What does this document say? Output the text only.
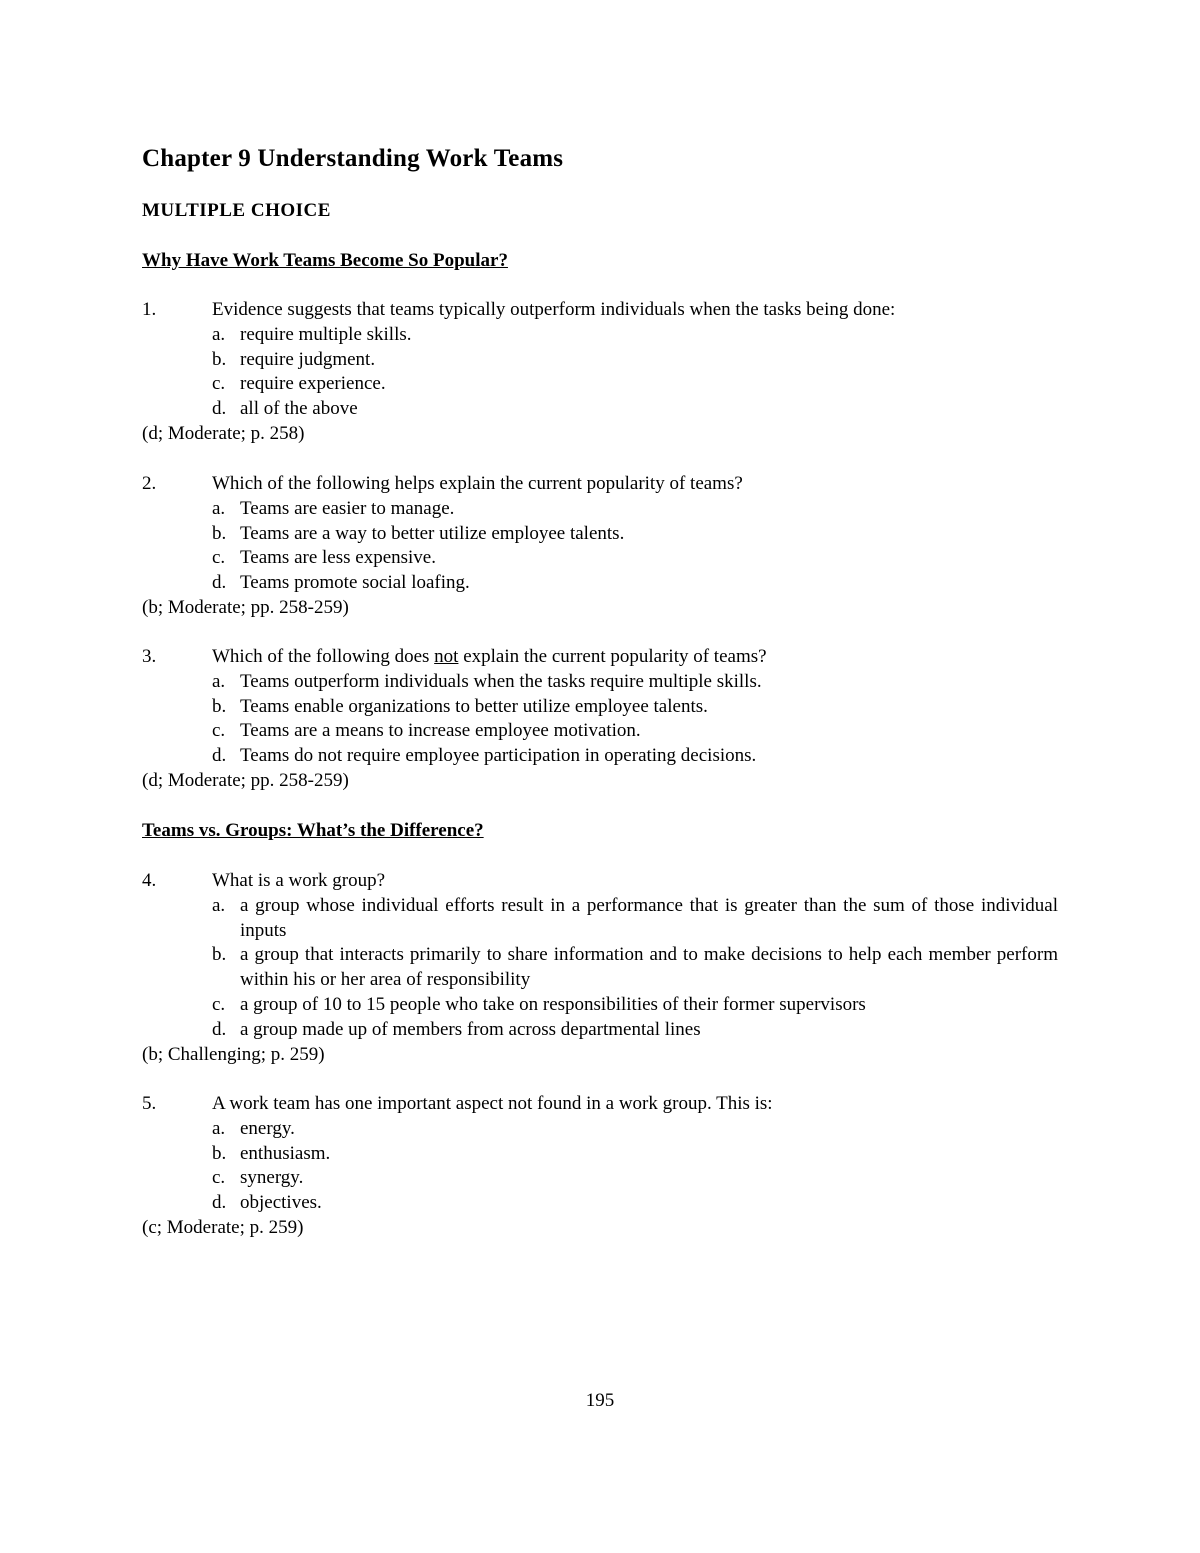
Chapter 9 Understanding Work Teams
MULTIPLE CHOICE
Why Have Work Teams Become So Popular?
1.	Evidence suggests that teams typically outperform individuals when the tasks being done:
a. require multiple skills.
b. require judgment.
c. require experience.
d. all of the above
(d; Moderate; p. 258)
2.	Which of the following helps explain the current popularity of teams?
a. Teams are easier to manage.
b. Teams are a way to better utilize employee talents.
c. Teams are less expensive.
d. Teams promote social loafing.
(b; Moderate; pp. 258-259)
3.	Which of the following does not explain the current popularity of teams?
a. Teams outperform individuals when the tasks require multiple skills.
b. Teams enable organizations to better utilize employee talents.
c. Teams are a means to increase employee motivation.
d. Teams do not require employee participation in operating decisions.
(d; Moderate; pp. 258-259)
Teams vs. Groups: What’s the Difference?
4.	What is a work group?
a. a group whose individual efforts result in a performance that is greater than the sum of those individual inputs
b. a group that interacts primarily to share information and to make decisions to help each member perform within his or her area of responsibility
c. a group of 10 to 15 people who take on responsibilities of their former supervisors
d. a group made up of members from across departmental lines
(b; Challenging; p. 259)
5.	A work team has one important aspect not found in a work group. This is:
a. energy.
b. enthusiasm.
c. synergy.
d. objectives.
(c; Moderate; p. 259)
195
